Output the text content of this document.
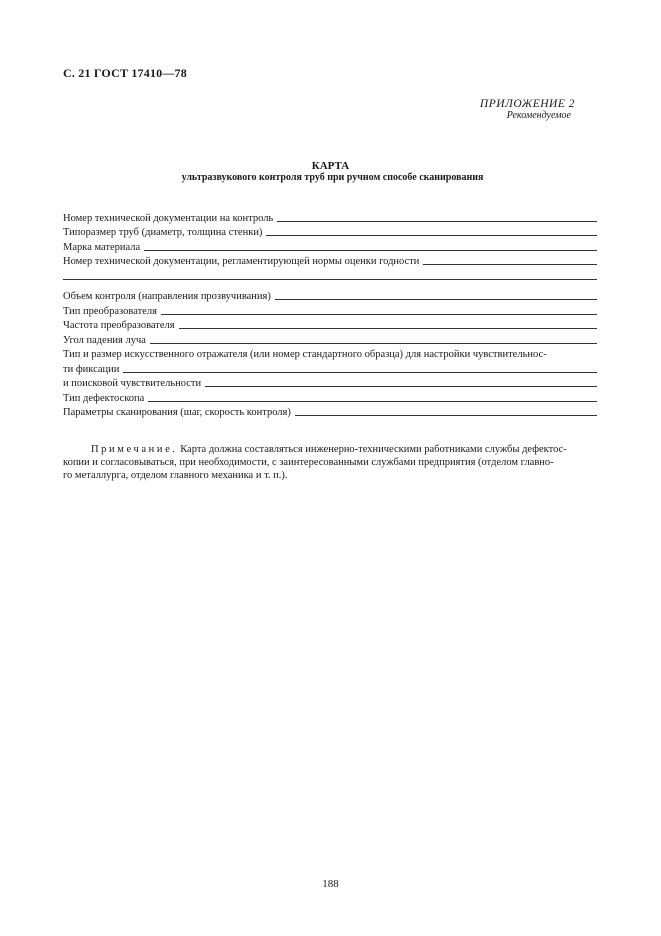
С. 21 ГОСТ 17410—78
ПРИЛОЖЕНИЕ 2
Рекомендуемое
КАРТА
ультразвукового контроля труб при ручном способе сканирования
Номер технической документации на контроль
Типоразмер труб (диаметр, толщина стенки)
Марка материала
Номер технической документации, регламентирующей нормы оценки годности
Объем контроля (направления прозвучивания)
Тип преобразователя
Частота преобразователя
Угол падения луча
Тип и размер искусственного отражателя (или номер стандартного образца) для настройки чувствительнос-
ти фиксации
и поисковой чувствительности
Тип дефектоскопа
Параметры сканирования (шаг, скорость контроля)
Примечание. Карта должна составляться инженерно-техническими работниками службы дефектос-
копии и согласовываться, при необходимости, с заинтересованными службами предприятия (отделом главно-
го металлурга, отделом главного механика и т. п.).
188
